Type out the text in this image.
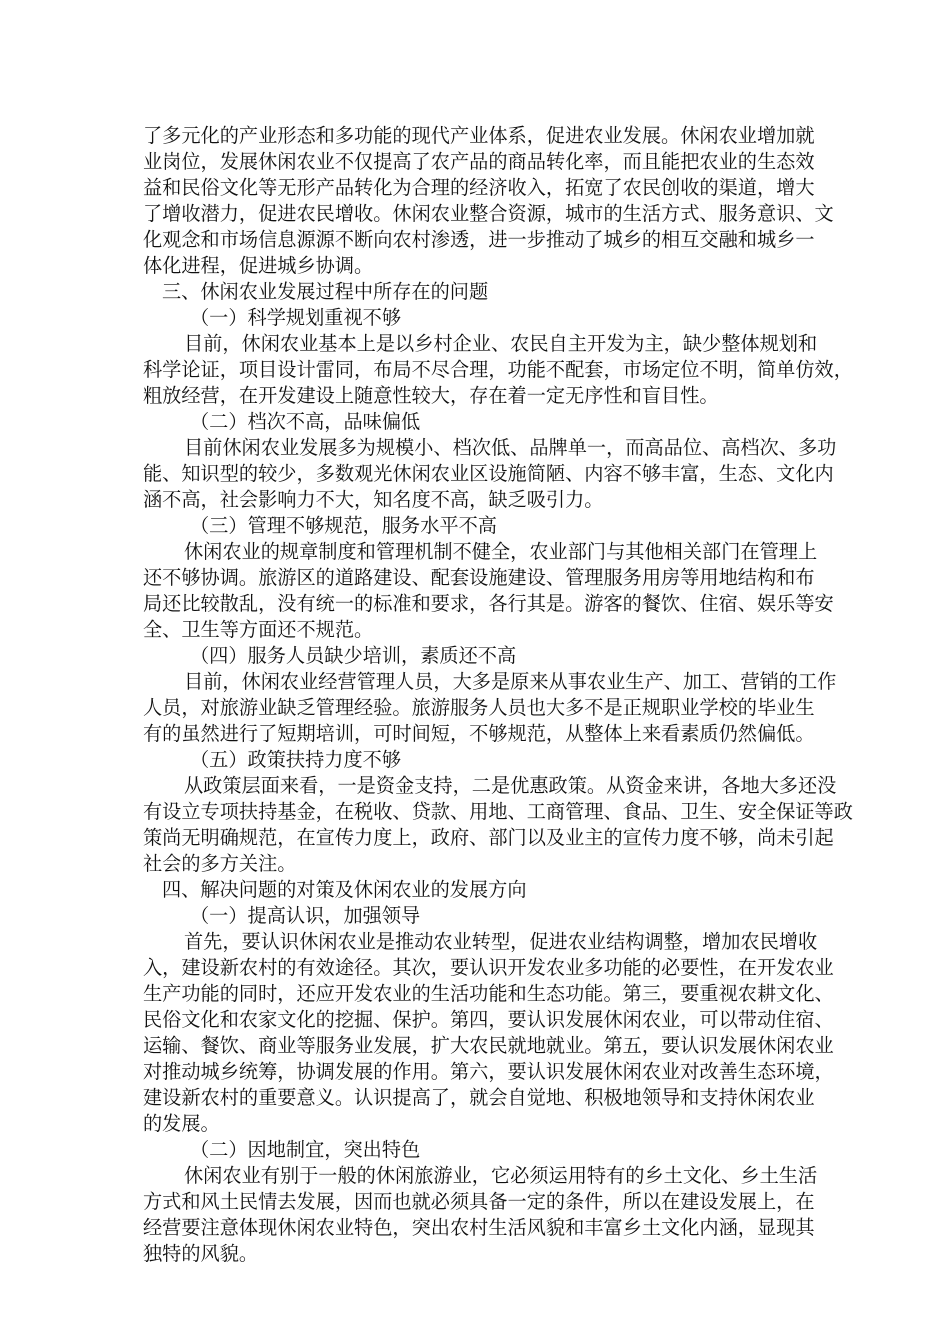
了多元化的产业形态和多功能的现代产业体系，促进农业发展。休闲农业增加就
业岗位，发展休闲农业不仅提高了农产品的商品转化率，而且能把农业的生态效
益和民俗文化等无形产品转化为合理的经济收入，拓宽了农民创收的渠道，增大
了增收潜力，促进农民增收。休闲农业整合资源，城市的生活方式、服务意识、文
化观念和市场信息源源不断向农村渗透，进一步推动了城乡的相互交融和城乡一
体化进程，促进城乡协调。
三、休闲农业发展过程中所存在的问题
（一）科学规划重视不够
目前，休闲农业基本上是以乡村企业、农民自主开发为主，缺少整体规划和
科学论证，项目设计雷同，布局不尽合理，功能不配套，市场定位不明，简单仿效，
粗放经营，在开发建设上随意性较大，存在着一定无序性和盲目性。
（二）档次不高，品味偏低
目前休闲农业发展多为规模小、档次低、品牌单一，而高品位、高档次、多功
能、知识型的较少，多数观光休闲农业区设施简陋、内容不够丰富，生态、文化内
涵不高，社会影响力不大，知名度不高，缺乏吸引力。
（三）管理不够规范，服务水平不高
休闲农业的规章制度和管理机制不健全，农业部门与其他相关部门在管理上
还不够协调。旅游区的道路建设、配套设施建设、管理服务用房等用地结构和布
局还比较散乱，没有统一的标准和要求，各行其是。游客的餐饮、住宿、娱乐等安
全、卫生等方面还不规范。
（四）服务人员缺少培训，素质还不高
目前，休闲农业经营管理人员，大多是原来从事农业生产、加工、营销的工作
人员，对旅游业缺乏管理经验。旅游服务人员也大多不是正规职业学校的毕业生
有的虽然进行了短期培训，可时间短，不够规范，从整体上来看素质仍然偏低。
（五）政策扶持力度不够
从政策层面来看，一是资金支持，二是优惠政策。从资金来讲，各地大多还没
有设立专项扶持基金，在税收、贷款、用地、工商管理、食品、卫生、安全保证等政
策尚无明确规范，在宣传力度上，政府、部门以及业主的宣传力度不够，尚未引起
社会的多方关注。
四、解决问题的对策及休闲农业的发展方向
（一）提高认识，加强领导
首先，要认识休闲农业是推动农业转型，促进农业结构调整，增加农民增收
入，建设新农村的有效途径。其次，要认识开发农业多功能的必要性，在开发农业
生产功能的同时，还应开发农业的生活功能和生态功能。第三，要重视农耕文化、
民俗文化和农家文化的挖掘、保护。第四，要认识发展休闲农业，可以带动住宿、
运输、餐饮、商业等服务业发展，扩大农民就地就业。第五，要认识发展休闲农业
对推动城乡统筹，协调发展的作用。第六，要认识发展休闲农业对改善生态环境，
建设新农村的重要意义。认识提高了，就会自觉地、积极地领导和支持休闲农业
的发展。
（二）因地制宜，突出特色
休闲农业有别于一般的休闲旅游业，它必须运用特有的乡土文化、乡土生活
方式和风土民情去发展，因而也就必须具备一定的条件，所以在建设发展上，在
经营要注意体现休闲农业特色，突出农村生活风貌和丰富乡土文化内涵，显现其
独特的风貌。
